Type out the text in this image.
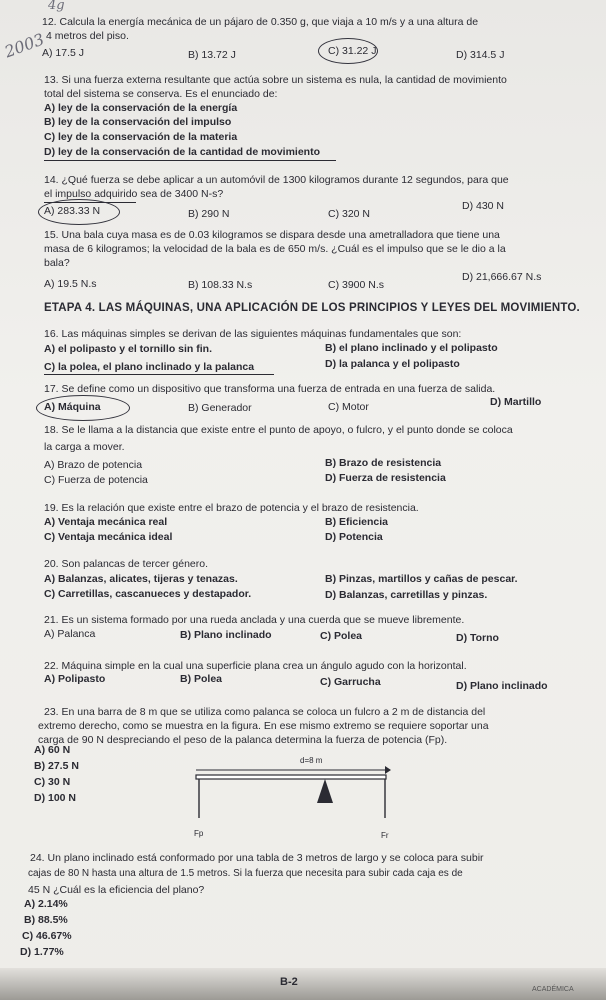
4g
2003
12. Calcula la energía mecánica de un pájaro de 0.350 g, que viaja a 10 m/s y a una altura de
4 metros del piso.
A) 17.5 J	B) 13.72 J	C) 31.22 J	D) 314.5 J
13. Si una fuerza externa resultante que actúa sobre un sistema es nula, la cantidad de movimiento
total del sistema se conserva. Es el enunciado de:
A) ley de la conservación de la energía
B) ley de la conservación del impulso
C) ley de la conservación de la materia
D) ley de la conservación de la cantidad de movimiento
14. ¿Qué fuerza se debe aplicar a un automóvil de 1300 kilogramos durante 12 segundos, para que
el impulso adquirido sea de 3400 N-s?
A) 283.33 N	B) 290 N	C) 320 N
D) 430 N
15. Una bala cuya masa es de 0.03 kilogramos se dispara desde una ametralladora que tiene una
masa de 6 kilogramos; la velocidad de la bala es de 650 m/s. ¿Cuál es el impulso que se le dio a la
bala?
A) 19.5 N.s	B) 108.33 N.s	C) 3900 N.s
D) 21,666.67 N.s
ETAPA 4. LAS MÁQUINAS, UNA APLICACIÓN DE LOS PRINCIPIOS Y LEYES DEL MOVIMIENTO.
16. Las máquinas simples se derivan de las siguientes máquinas fundamentales que son:
A) el polipasto y el tornillo sin fin.	B) el plano inclinado y el polipasto
C) la polea, el plano inclinado y la palanca	D) la palanca y el polipasto
17. Se define como un dispositivo que transforma una fuerza de entrada en una fuerza de salida.
A) Máquina	B) Generador	C) Motor	D) Martillo
18. Se le llama a la distancia que existe entre el punto de apoyo, o fulcro, y el punto donde se coloca
la carga a mover.
A) Brazo de potencia	B) Brazo de resistencia
C) Fuerza de potencia	D) Fuerza de resistencia
19. Es la relación que existe entre el brazo de potencia y el brazo de resistencia.
A) Ventaja mecánica real	B) Eficiencia
C) Ventaja mecánica ideal	D) Potencia
20. Son palancas de tercer género.
A) Balanzas, alicates, tijeras y tenazas.	B) Pinzas, martillos y cañas de pescar.
C) Carretillas, cascanueces y destapador.	D) Balanzas, carretillas y pinzas.
21. Es un sistema formado por una rueda anclada y una cuerda que se mueve libremente.
A) Palanca	B) Plano inclinado	C) Polea	D) Torno
22. Máquina simple en la cual una superficie plana crea un ángulo agudo con la horizontal.
A) Polipasto	B) Polea	C) Garrucha	D) Plano inclinado
23. En una barra de 8 m que se utiliza como palanca se coloca un fulcro a 2 m de distancia del
extremo derecho, como se muestra en la figura. En ese mismo extremo se requiere soportar una
carga de 90 N despreciando el peso de la palanca determina la fuerza de potencia (Fp).
A) 60 N
B) 27.5 N
C) 30 N
D) 100 N
d=8 m
Fp	Fr
24. Un plano inclinado está conformado por una tabla de 3 metros de largo y se coloca para subir
cajas de 80 N hasta una altura de 1.5 metros. Si la fuerza que necesita para subir cada caja es de
45 N ¿Cuál es la eficiencia del plano?
A) 2.14%
B) 88.5%
C) 46.67%
D) 1.77%
B-2
ACADÉMICA
